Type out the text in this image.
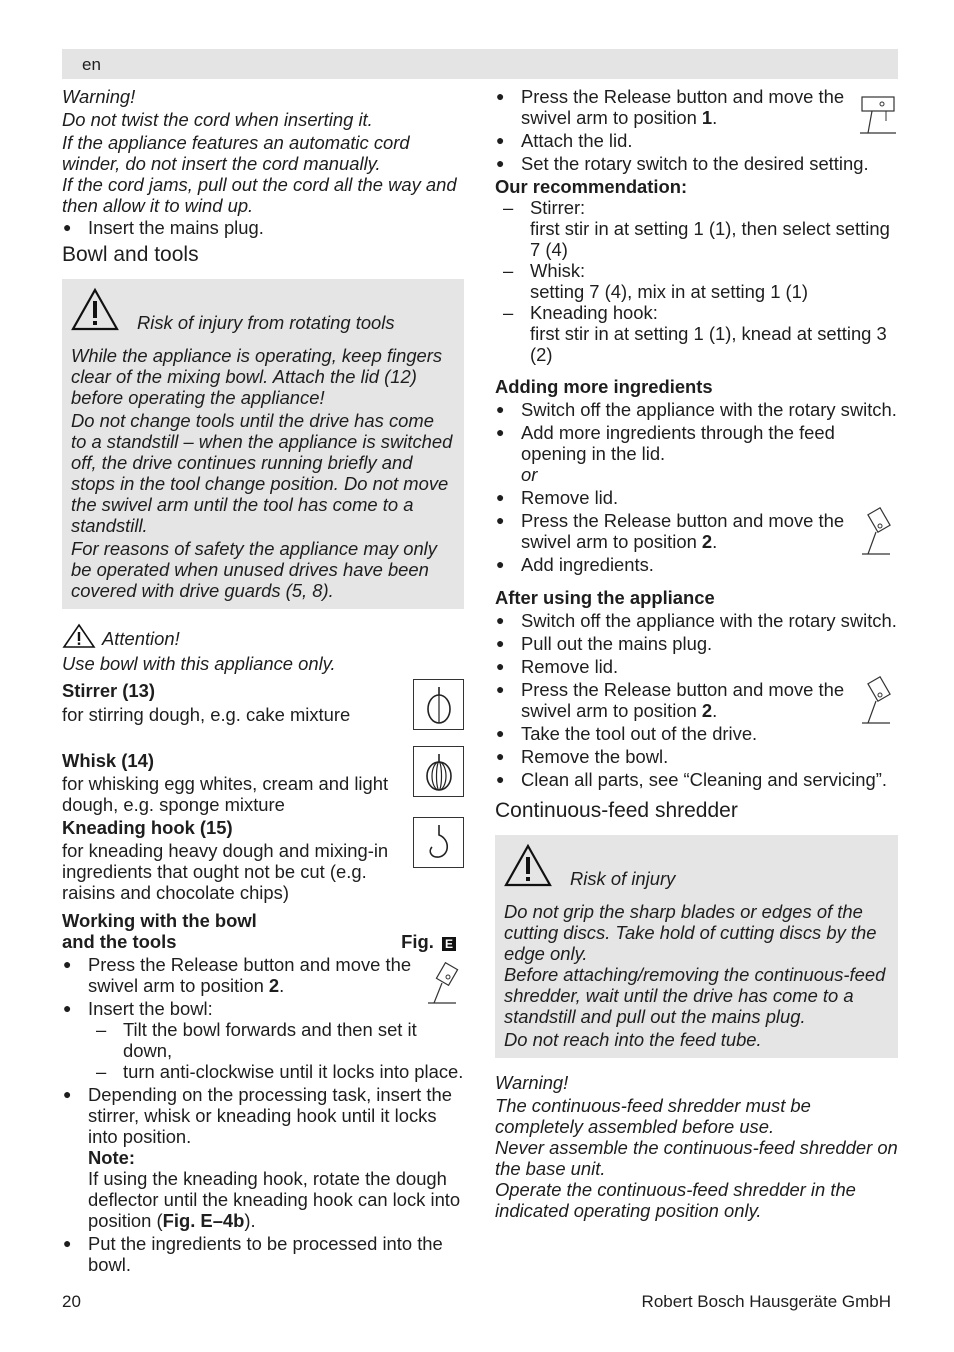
en

Warning!

Do not twist the cord when inserting it.

If the appliance features an automatic cord winder, do not insert the cord manually.

If the cord jams, pull out the cord all the way and then allow it to wind up.

● Insert the mains plug.
Bowl and tools
Risk of injury from rotating tools

While the appliance is operating, keep fingers clear of the mixing bowl. Attach the lid (12) before operating the appliance!

Do not change tools until the drive has come to a standstill – when the appliance is switched off, the drive continues running briefly and stops in the tool change position. Do not move the swivel arm until the tool has come to a standstill.

For reasons of safety the appliance may only be operated when unused drives have been covered with drive guards (5, 8).

Attention!

Use bowl with this appliance only.

Stirrer (13)

for stirring dough, e.g. cake mixture

Whisk (14)

for whisking egg whites, cream and light dough, e.g. sponge mixture

Kneading hook (15)

for kneading heavy dough and mixing-in ingredients that ought not be cut (e.g. raisins and chocolate chips)

Working with the bowl

and the tools	Fig. E
● Press the Release button and move the swivel arm to position 2.
● Insert the bowl:
– Tilt the bowl forwards and then set it down,
– turn anti-clockwise until it locks into place.
● Depending on the processing task, insert the stirrer, whisk or kneading hook until it locks into position.

Note:

If using the kneading hook, rotate the dough deflector until the kneading hook can lock into position (Fig. E–4b).

● Put the ingredients to be processed into the bowl.
● Press the Release button and move the swivel arm to position 1.
● Attach the lid.
● Set the rotary switch to the desired setting.

Our recommendation:

– Stirrer:
first stir in at setting 1 (1), then select setting 7 (4)
– Whisk:
setting 7 (4), mix in at setting 1 (1)
– Kneading hook:
first stir in at setting 1 (1), knead at setting 3 (2)

Adding more ingredients

● Switch off the appliance with the rotary switch.
● Add more ingredients through the feed opening in the lid.
or
● Remove lid.
● Press the Release button and move the swivel arm to position 2.
● Add ingredients.

After using the appliance

● Switch off the appliance with the rotary switch.
● Pull out the mains plug.
● Remove lid.
● Press the Release button and move the swivel arm to position 2.
● Take the tool out of the drive.
● Remove the bowl.
● Clean all parts, see “Cleaning and servicing”.
Continuous-feed shredder
Risk of injury

Do not grip the sharp blades or edges of the cutting discs. Take hold of cutting discs by the edge only.

Before attaching/removing the continuous-feed shredder, wait until the drive has come to a standstill and pull out the mains plug.

Do not reach into the feed tube.

Warning!

The continuous-feed shredder must be completely assembled before use.

Never assemble the continuous-feed shredder on the base unit.

Operate the continuous-feed shredder in the indicated operating position only.

20	Robert Bosch Hausgeräte GmbH
